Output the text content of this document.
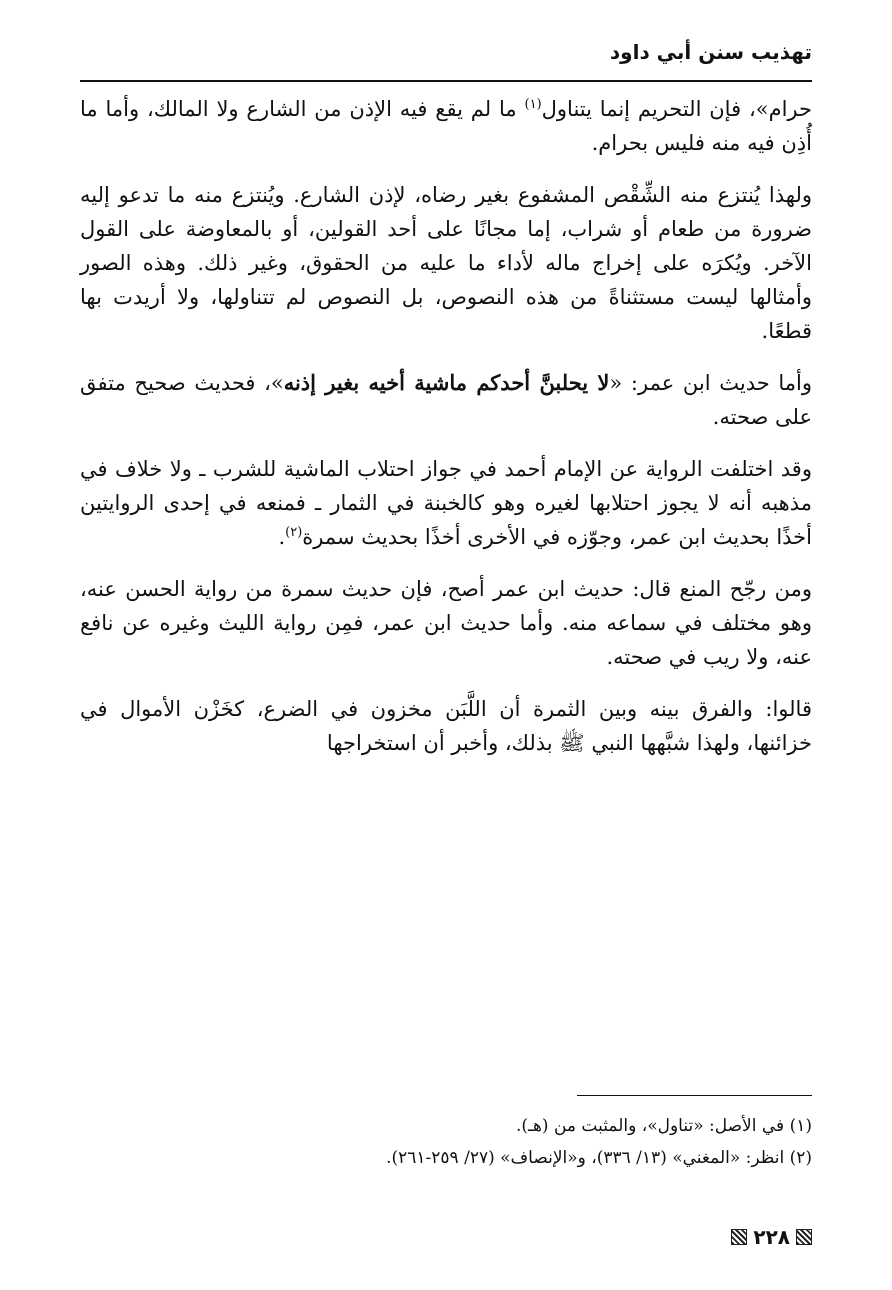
تهذيب سنن أبي داود

حرام»، فإن التحريم إنما يتناول$^{(١)}$ ما لم يقع فيه الإذن من الشارع ولا المالك، وأما ما أُذِن فيه منه فليس بحرام.

ولهذا يُنتزع منه الشِّقْص المشفوع بغير رضاه، لإذن الشارع. ويُنتزع منه ما تدعو إليه ضرورة من طعام أو شراب، إما مجانًا على أحد القولين، أو بالمعاوضة على القول الآخر. ويُكرَه على إخراج ماله لأداء ما عليه من الحقوق، وغير ذلك. وهذه الصور وأمثالها ليست مستثناةً من هذه النصوص، بل النصوص لم تتناولها، ولا أريدت بها قطعًا.

وأما حديث ابن عمر: «لا يحلبنَّ أحدكم ماشية أخيه بغير إذنه»، فحديث صحيح متفق على صحته.

وقد اختلفت الرواية عن الإمام أحمد في جواز احتلاب الماشية للشرب ـ ولا خلاف في مذهبه أنه لا يجوز احتلابها لغيره وهو كالخبنة في الثمار ـ فمنعه في إحدى الروايتين أخذًا بحديث ابن عمر، وجوّزه في الأخرى أخذًا بحديث سمرة$^{(٢)}$.

ومن رجّح المنع قال: حديث ابن عمر أصح، فإن حديث سمرة من رواية الحسن عنه، وهو مختلف في سماعه منه. وأما حديث ابن عمر، فمِن رواية الليث وغيره عن نافع عنه، ولا ريب في صحته.

قالوا: والفرق بينه وبين الثمرة أن اللَّبَن مخزون في الضرع، كخَزْن الأموال في خزائنها، ولهذا شبَّهها النبي ﷺ بذلك، وأخبر أن استخراجها

(١) في الأصل: «تناول»، والمثبت من (هـ).

(٢) انظر: «المغني» (١٣/ ٣٣٦)، و«الإنصاف» (٢٧/ ٢٥٩-٢٦١).

٢٢٨
